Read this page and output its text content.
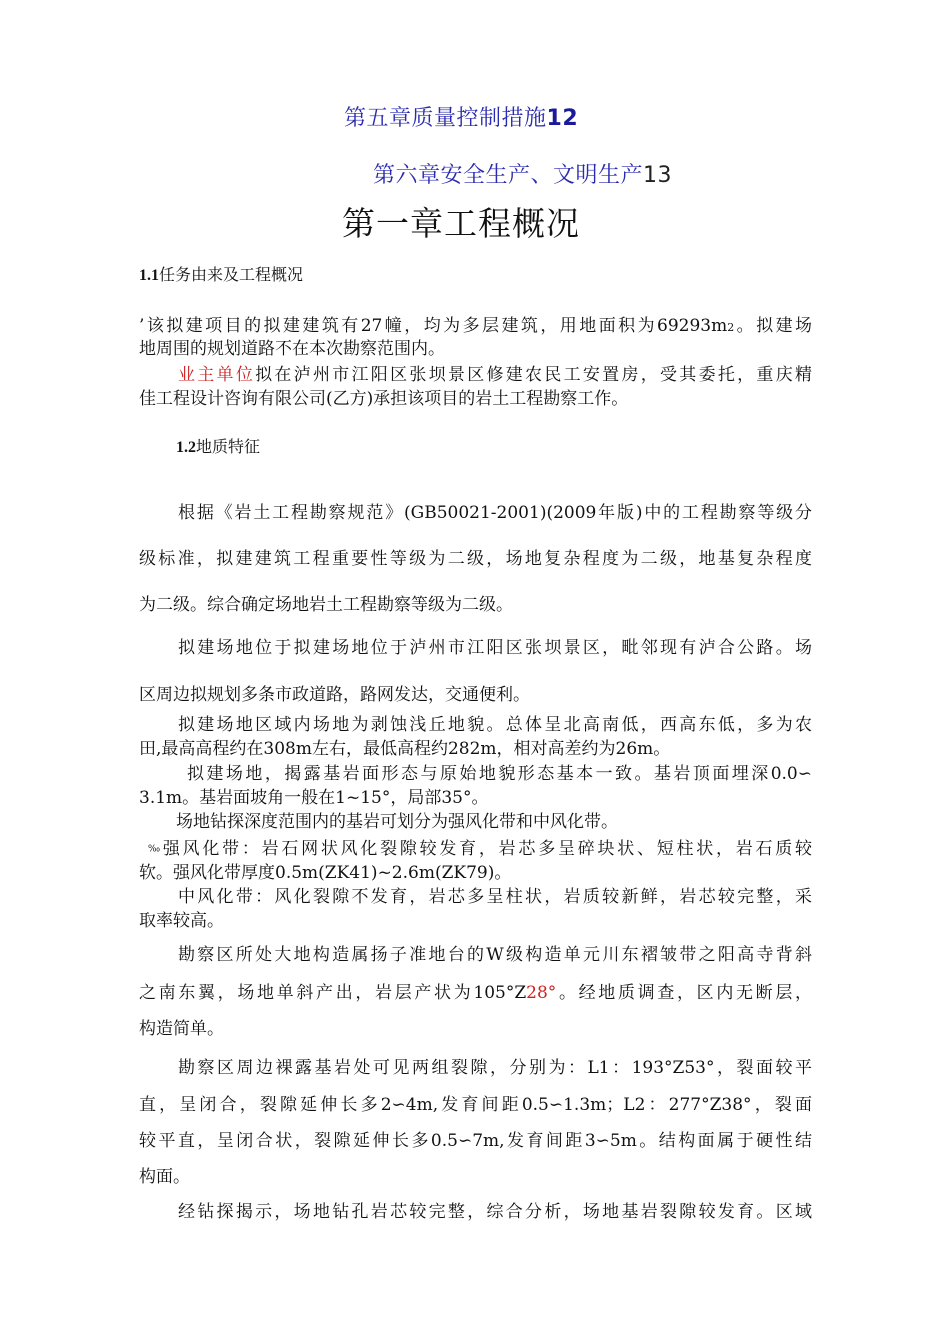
第五章质量控制措施12
第六章安全生产、文明生产13
第一章工程概况
1.1任务由来及工程概况
’该拟建项目的拟建建筑有27幢，均为多层建筑，用地面积为69293m2。拟建场
地周围的规划道路不在本次勘察范围内。
业主单位拟在泸州市江阳区张坝景区修建农民工安置房，受其委托，重庆精
佳工程设计咨询有限公司(乙方)承担该项目的岩土工程勘察工作。
1.2地质特征
根据《岩土工程勘察规范》(GB50021-2001)(2009年版)中的工程勘察等级分
级标准，拟建建筑工程重要性等级为二级，场地复杂程度为二级，地基复杂程度
为二级。综合确定场地岩土工程勘察等级为二级。
拟建场地位于拟建场地位于泸州市江阳区张坝景区，毗邻现有泸合公路。场
区周边拟规划多条市政道路，路网发达，交通便利。
拟建场地区域内场地为剥蚀浅丘地貌。总体呈北高南低，西高东低，多为农
田,最高高程约在308m左右，最低高程约282m，相对高差约为26m。
拟建场地，揭露基岩面形态与原始地貌形态基本一致。基岩顶面埋深0.0∽
3.1m。基岩面坡角一般在1~15°，局部35°。
场地钻探深度范围内的基岩可划分为强风化带和中风化带。
‰强风化带：岩石网状风化裂隙较发育，岩芯多呈碎块状、短柱状，岩石质较
软。强风化带厚度0.5m(ZK41)~2.6m(ZK79)。
中风化带：风化裂隙不发育，岩芯多呈柱状，岩质较新鲜，岩芯较完整，采
取率较高。
勘察区所处大地构造属扬子准地台的W级构造单元川东褶皱带之阳高寺背斜
之南东翼，场地单斜产出，岩层产状为105°Z28°。经地质调查，区内无断层，
构造简单。
勘察区周边裸露基岩处可见两组裂隙，分别为：L1：193°Z53°，裂面较平
直，呈闭合，裂隙延伸长多2∽4m,发育间距0.5∽1.3m；L2：277°Z38°，裂面
较平直，呈闭合状，裂隙延伸长多0.5∽7m,发育间距3∽5m。结构面属于硬性结
构面。
经钻探揭示，场地钻孔岩芯较完整，综合分析，场地基岩裂隙较发育。区域
